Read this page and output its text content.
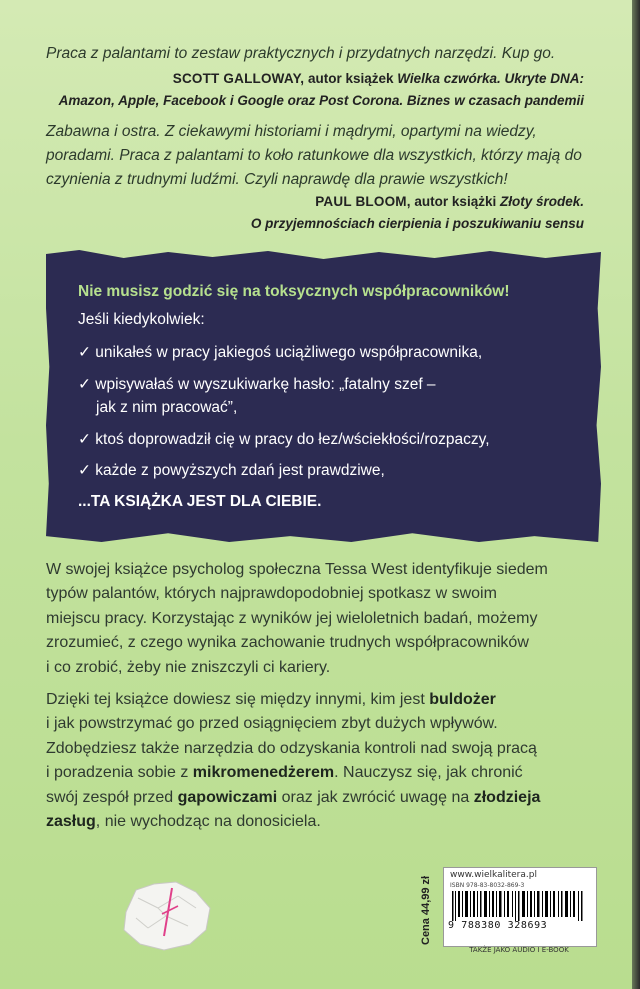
Praca z palantami to zestaw praktycznych i przydatnych narzędzi. Kup go.
SCOTT GALLOWAY, autor książek Wielka czwórka. Ukryte DNA:
Amazon, Apple, Facebook i Google oraz Post Corona. Biznes w czasach pandemii
Zabawna i ostra. Z ciekawymi historiami i mądrymi, opartymi na wiedzy,
poradami. Praca z palantami to koło ratunkowe dla wszystkich, którzy mają do
czynienia z trudnymi ludźmi. Czyli naprawdę dla prawie wszystkich!
PAUL BLOOM, autor książki Złoty środek.
O przyjemnościach cierpienia i poszukiwaniu sensu
Nie musisz godzić się na toksycznych współpracowników!
Jeśli kiedykolwiek:
✓ unikałeś w pracy jakiegoś uciążliwego współpracownika,
✓ wpisywałaś w wyszukiwarkę hasło: „fatalny szef –
jak z nim pracować”,
✓ ktoś doprowadził cię w pracy do łez/wściekłości/rozpaczy,
✓ każde z powyższych zdań jest prawdziwe,
...TA KSIĄŻKA JEST DLA CIEBIE.
W swojej książce psycholog społeczna Tessa West identyfikuje siedem
typów palantów, których najprawdopodobniej spotkasz w swoim
miejscu pracy. Korzystając z wyników jej wieloletnich badań, możemy
zrozumieć, z czego wynika zachowanie trudnych współpracowników
i co zrobić, żeby nie zniszczyli ci kariery.
Dzięki tej książce dowiesz się między innymi, kim jest buldożer
i jak powstrzymać go przed osiągnięciem zbyt dużych wpływów.
Zdobędziesz także narzędzia do odzyskania kontroli nad swoją pracą
i poradzenia sobie z mikromenedżerem. Nauczysz się, jak chronić
swój zespół przed gapowiczami oraz jak zwrócić uwagę na złodzieja
zasług, nie wychodząc na donosiciela.
Cena 44,99 zł
www.wielkalitera.pl
ISBN 978-83-8032-869-3
9 788380 328693
TAKŻE JAKO AUDIO I E-BOOK
